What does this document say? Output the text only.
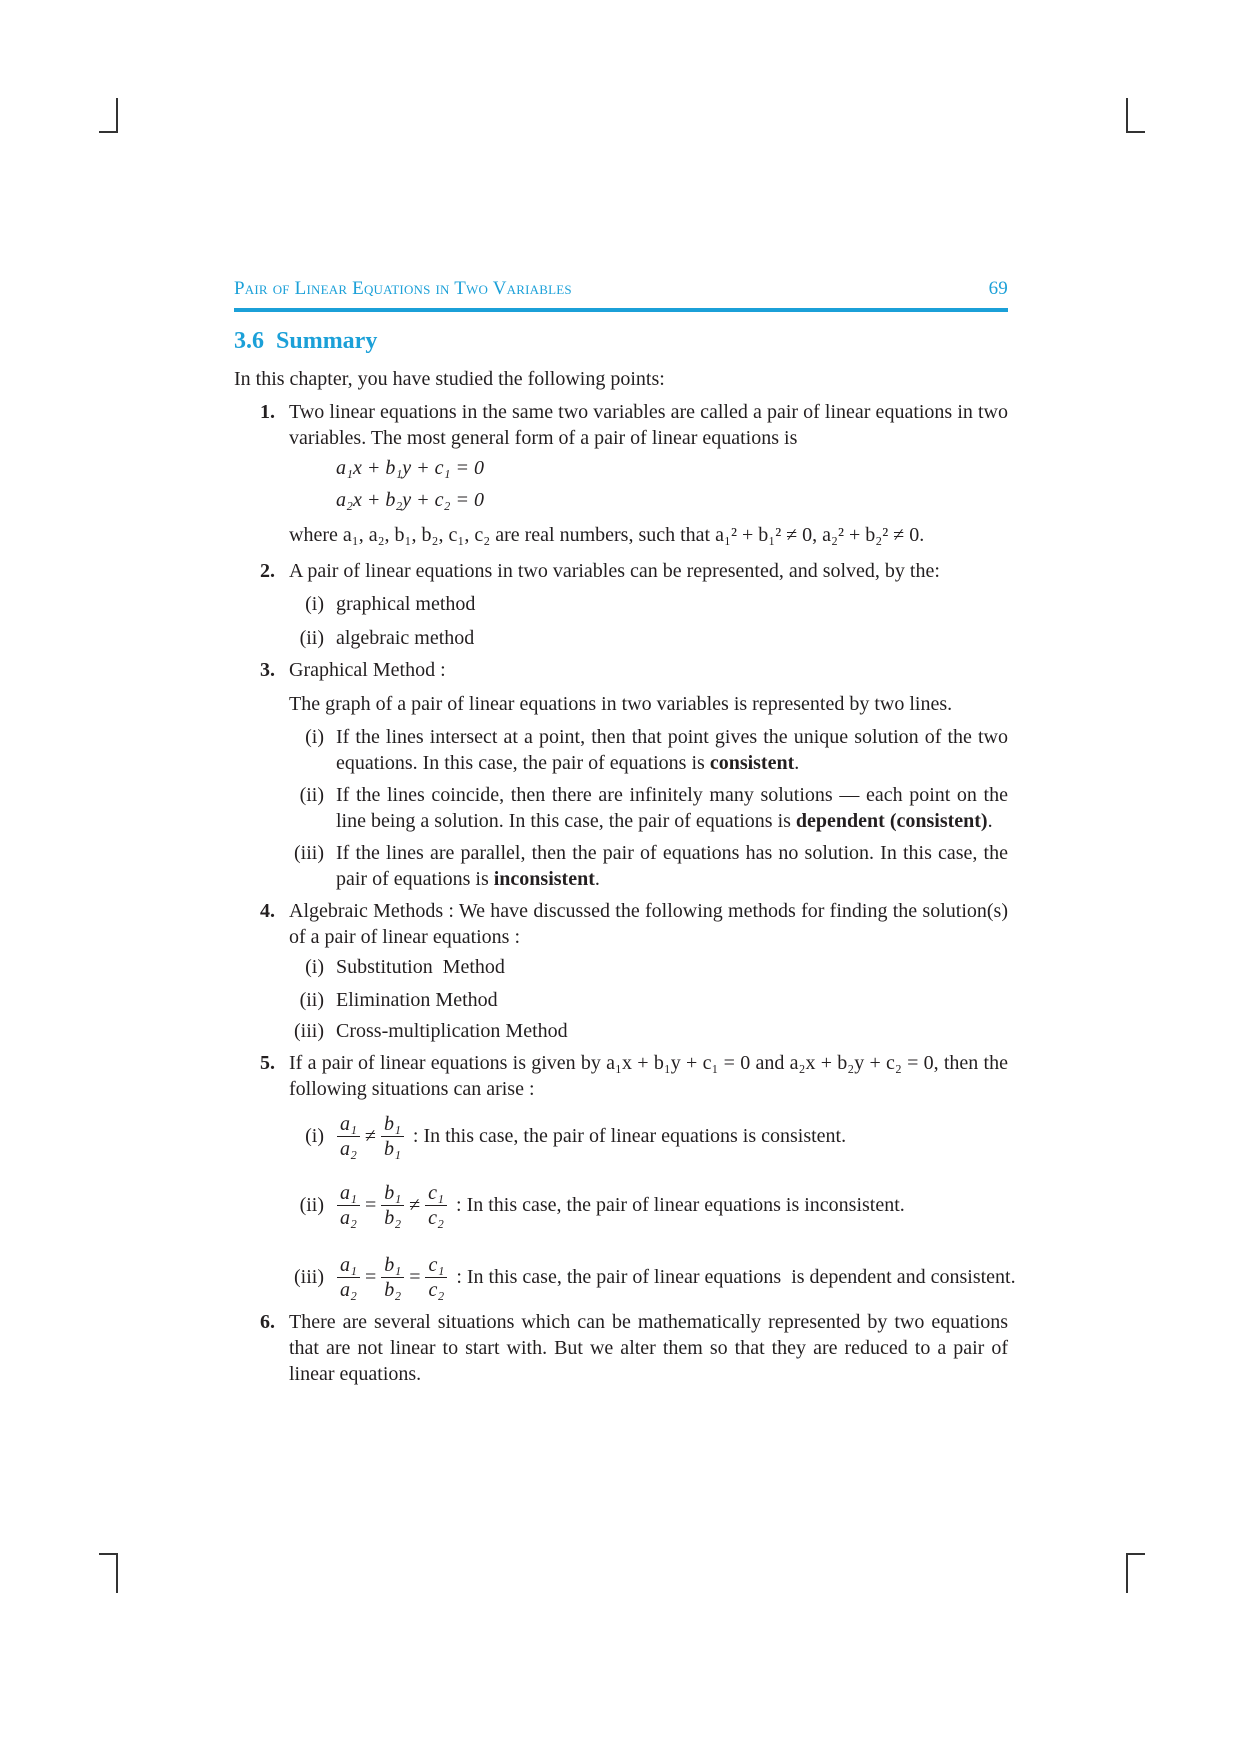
Pair of Linear Equations in Two Variables	69
3.6  Summary
In this chapter, you have studied the following points:
1. Two linear equations in the same two variables are called a pair of linear equations in two variables. The most general form of a pair of linear equations is
a₁x + b₁y + c₁ = 0
a₂x + b₂y + c₂ = 0
where a₁, a₂, b₁, b₂, c₁, c₂ are real numbers, such that a₁² + b₁² ≠ 0, a₂² + b₂² ≠ 0.
2. A pair of linear equations in two variables can be represented, and solved, by the:
(i) graphical method
(ii) algebraic method
3. Graphical Method :
The graph of a pair of linear equations in two variables is represented by two lines.
(i) If the lines intersect at a point, then that point gives the unique solution of the two equations. In this case, the pair of equations is consistent.
(ii) If the lines coincide, then there are infinitely many solutions — each point on the line being a solution. In this case, the pair of equations is dependent (consistent).
(iii) If the lines are parallel, then the pair of equations has no solution. In this case, the pair of equations is inconsistent.
4. Algebraic Methods : We have discussed the following methods for finding the solution(s) of a pair of linear equations :
(i) Substitution  Method
(ii) Elimination Method
(iii) Cross-multiplication Method
5. If a pair of linear equations is given by a₁x + b₁y + c₁ = 0 and a₂x + b₂y + c₂ = 0, then the following situations can arise :
$(i) \frac{\text{a₁}}{\text{a₂}} \ne \frac{\text{b₁}}{\text{b₁}}$ : In this case, the pair of linear equations is consistent.
$(ii) \frac{\text{a₁}}{\text{a₂}} = \frac{\text{b₁}}{\text{b₂}} \ne \frac{\text{c₁}}{\text{c₂}}$ : In this case, the pair of linear equations is inconsistent.
$(iii) \frac{\text{a₁}}{\text{a₂}} = \frac{\text{b₁}}{\text{b₂}} = \frac{\text{c₁}}{\text{c₂}}$ : In this case, the pair of linear equations  is dependent and consistent.
6. There are several situations which can be mathematically represented by two equations that are not linear to start with. But we alter them so that they are reduced to a pair of linear equations.
